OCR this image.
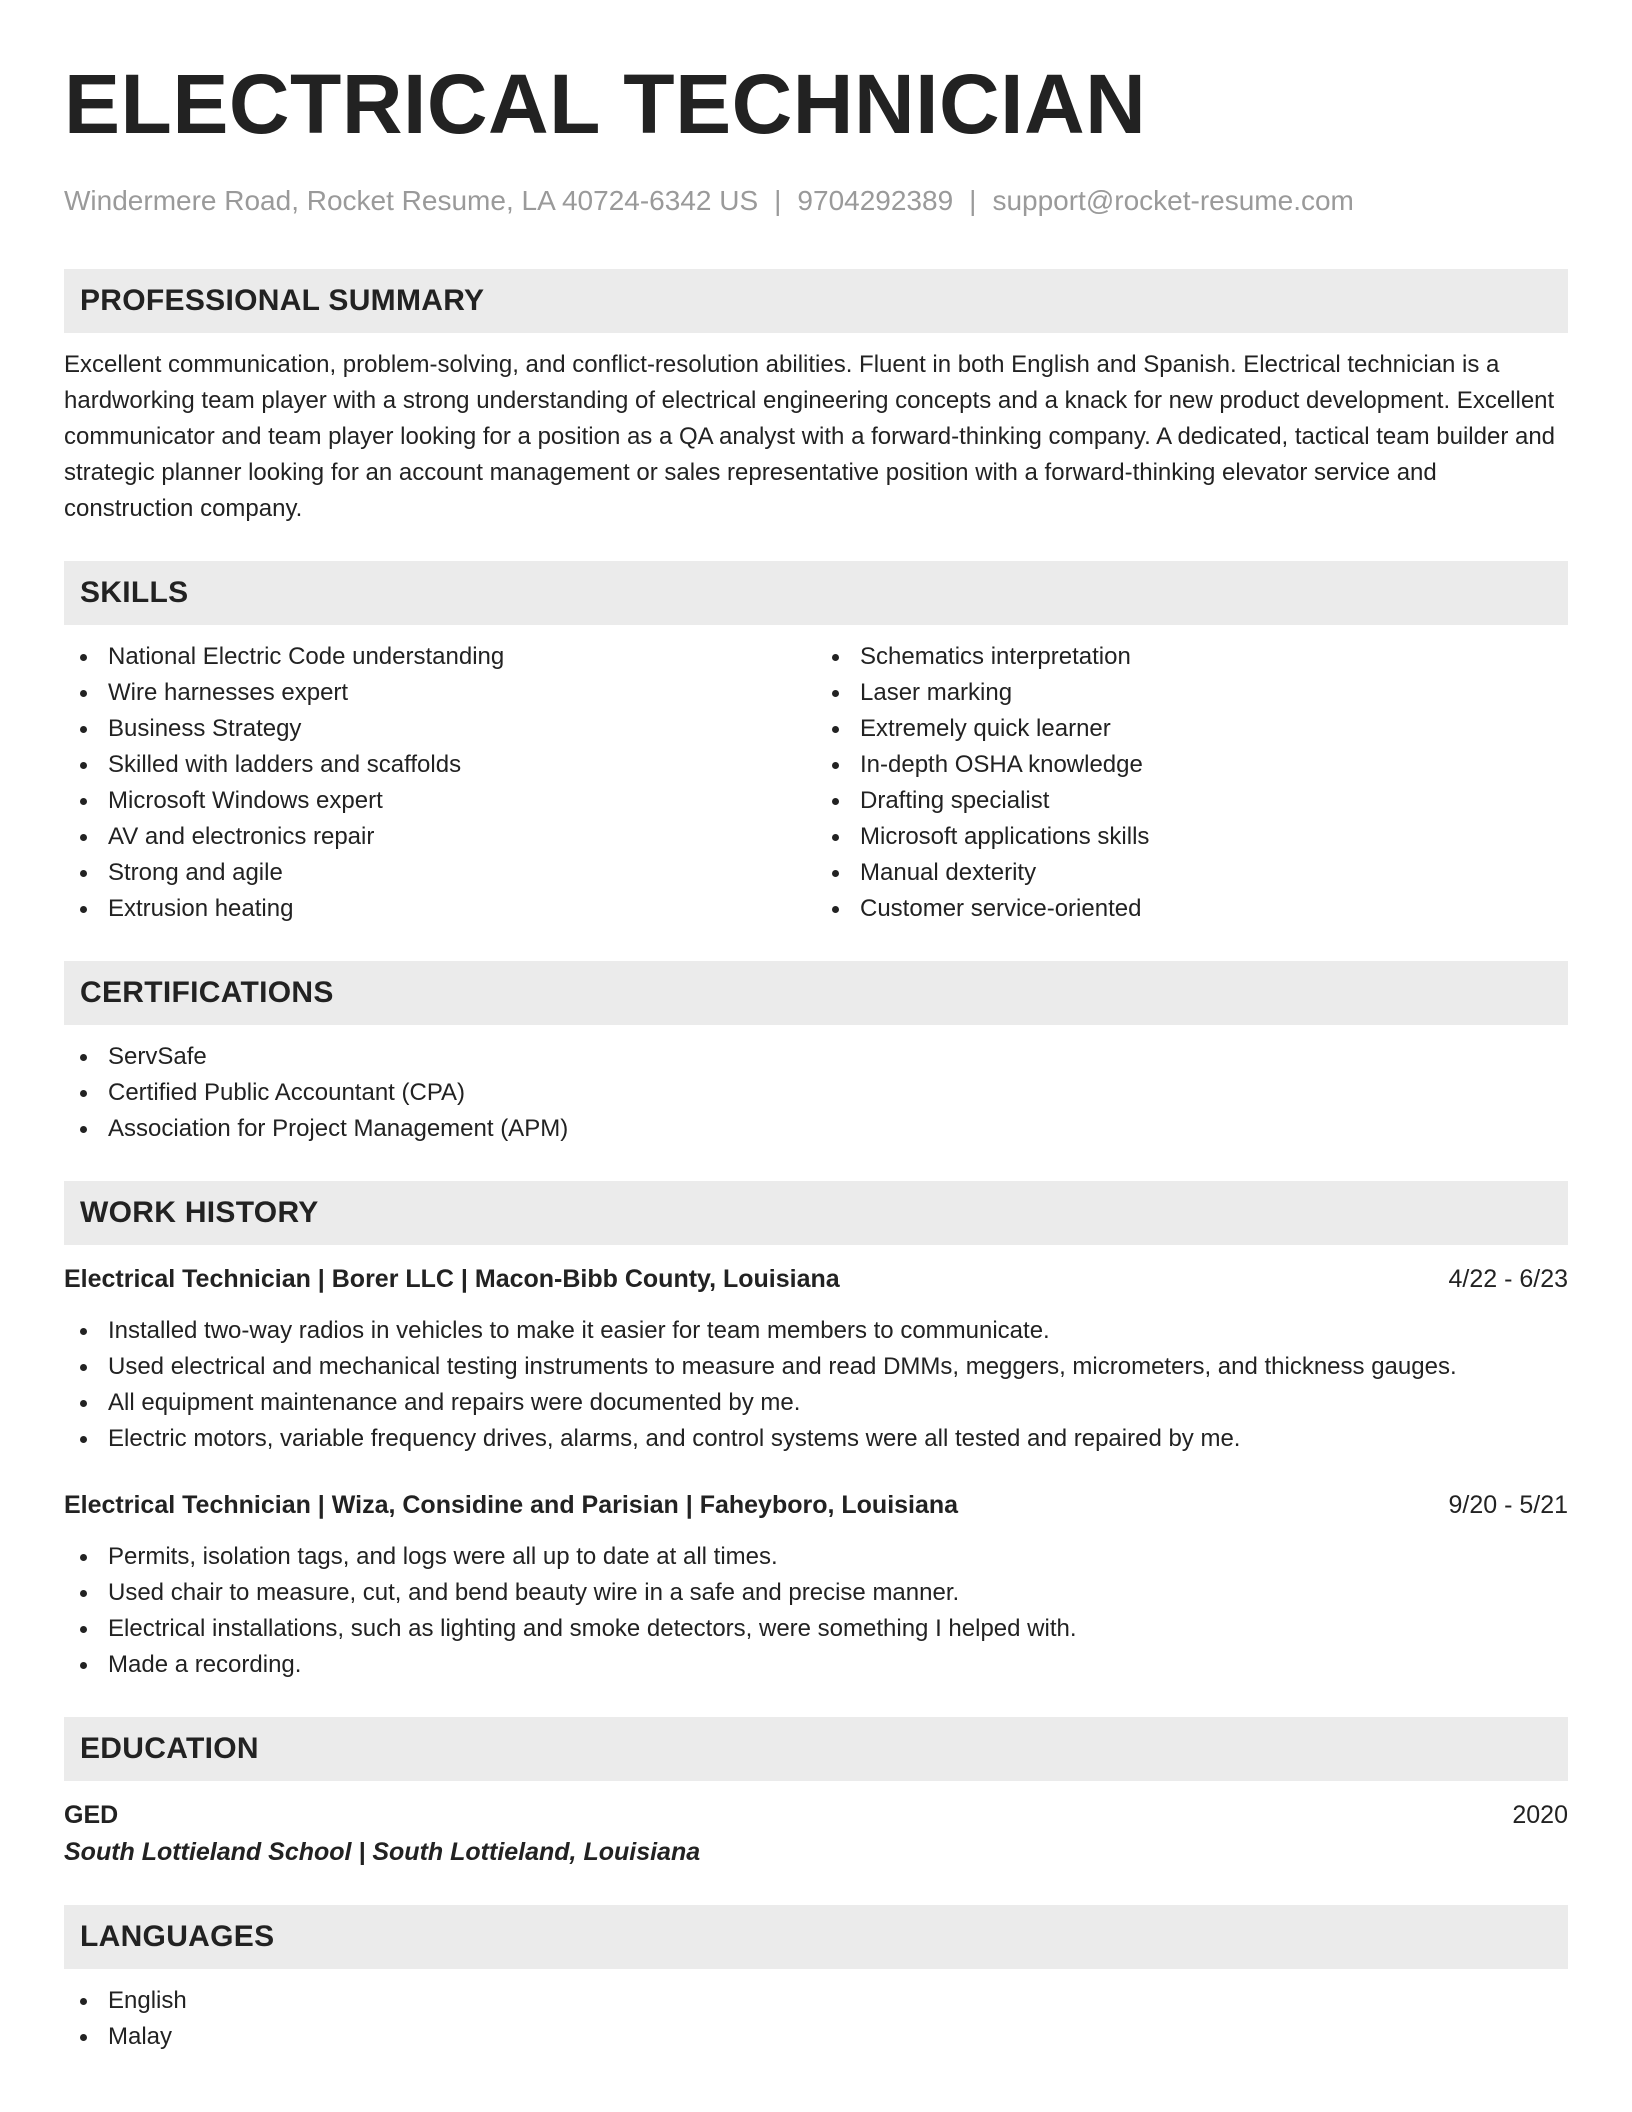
ELECTRICAL TECHNICIAN
Windermere Road, Rocket Resume, LA 40724-6342 US | 9704292389 | support@rocket-resume.com
PROFESSIONAL SUMMARY

Excellent communication, problem-solving, and conflict-resolution abilities. Fluent in both English and Spanish. Electrical technician is a hardworking team player with a strong understanding of electrical engineering concepts and a knack for new product development. Excellent communicator and team player looking for a position as a QA analyst with a forward-thinking company. A dedicated, tactical team builder and strategic planner looking for an account management or sales representative position with a forward-thinking elevator service and construction company.

SKILLS
National Electric Code understanding
Wire harnesses expert
Business Strategy
Skilled with ladders and scaffolds
Microsoft Windows expert
AV and electronics repair
Strong and agile
Extrusion heating
Schematics interpretation
Laser marking
Extremely quick learner
In-depth OSHA knowledge
Drafting specialist
Microsoft applications skills
Manual dexterity
Customer service-oriented
CERTIFICATIONS
ServSafe
Certified Public Accountant (CPA)
Association for Project Management (APM)
WORK HISTORY
Electrical Technician | Borer LLC | Macon-Bibb County, Louisiana	4/22 - 6/23
Installed two-way radios in vehicles to make it easier for team members to communicate.
Used electrical and mechanical testing instruments to measure and read DMMs, meggers, micrometers, and thickness gauges.
All equipment maintenance and repairs were documented by me.
Electric motors, variable frequency drives, alarms, and control systems were all tested and repaired by me.
Electrical Technician | Wiza, Considine and Parisian | Faheyboro, Louisiana	9/20 - 5/21
Permits, isolation tags, and logs were all up to date at all times.
Used chair to measure, cut, and bend beauty wire in a safe and precise manner.
Electrical installations, such as lighting and smoke detectors, were something I helped with.
Made a recording.
EDUCATION
GED	2020
South Lottieland School | South Lottieland, Louisiana
LANGUAGES
English
Malay
